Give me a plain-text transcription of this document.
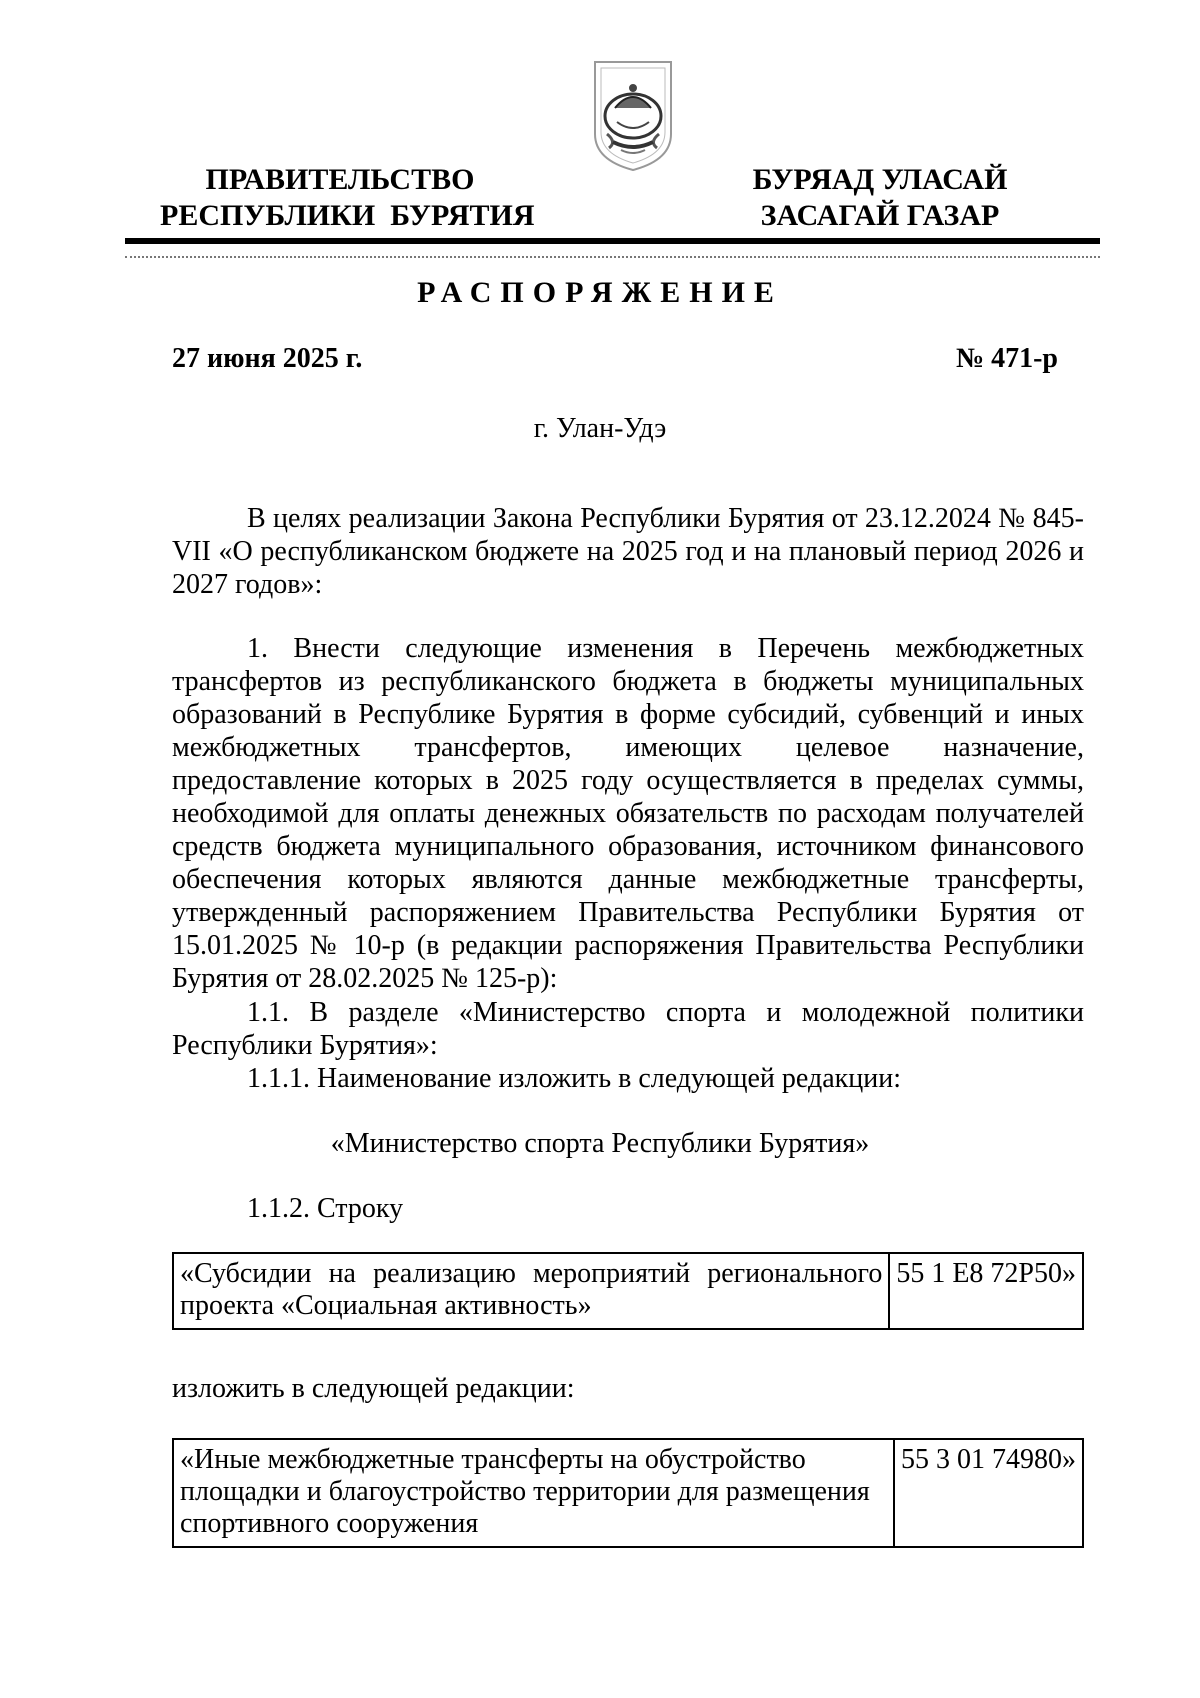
ПРАВИТЕЛЬСТВО
РЕСПУБЛИКИ  БУРЯТИЯ
БУРЯАД УЛАСАЙ
ЗАСАГАЙ ГАЗАР
РАСПОРЯЖЕНИЕ
27 июня 2025 г.	№ 471-р
г. Улан-Удэ
В целях реализации Закона Республики Бурятия от 23.12.2024 № 845-VII «О республиканском бюджете на 2025 год и на плановый период 2026 и 2027 годов»:
1. Внести следующие изменения в Перечень межбюджетных трансфертов из республиканского бюджета в бюджеты муниципальных образований в Республике Бурятия в форме субсидий, субвенций и иных межбюджетных трансфертов, имеющих целевое назначение, предоставление которых в 2025 году осуществляется в пределах суммы, необходимой для оплаты денежных обязательств по расходам получателей средств бюджета муниципального образования, источником финансового обеспечения которых являются данные межбюджетные трансферты, утвержденный распоряжением Правительства Республики Бурятия от 15.01.2025 № 10-р (в редакции распоряжения Правительства Республики Бурятия от 28.02.2025 № 125-р):
1.1. В разделе «Министерство спорта и молодежной политики Республики Бурятия»:
1.1.1. Наименование изложить в следующей редакции:
«Министерство спорта Республики Бурятия»
1.1.2. Строку
«Субсидии на реализацию мероприятий регионального проекта «Социальная активность»	55 1 Е8 72Р50»
изложить в следующей редакции:
«Иные межбюджетные трансферты на обустройство площадки и благоустройство территории для размещения спортивного сооружения	55 3 01 74980»
